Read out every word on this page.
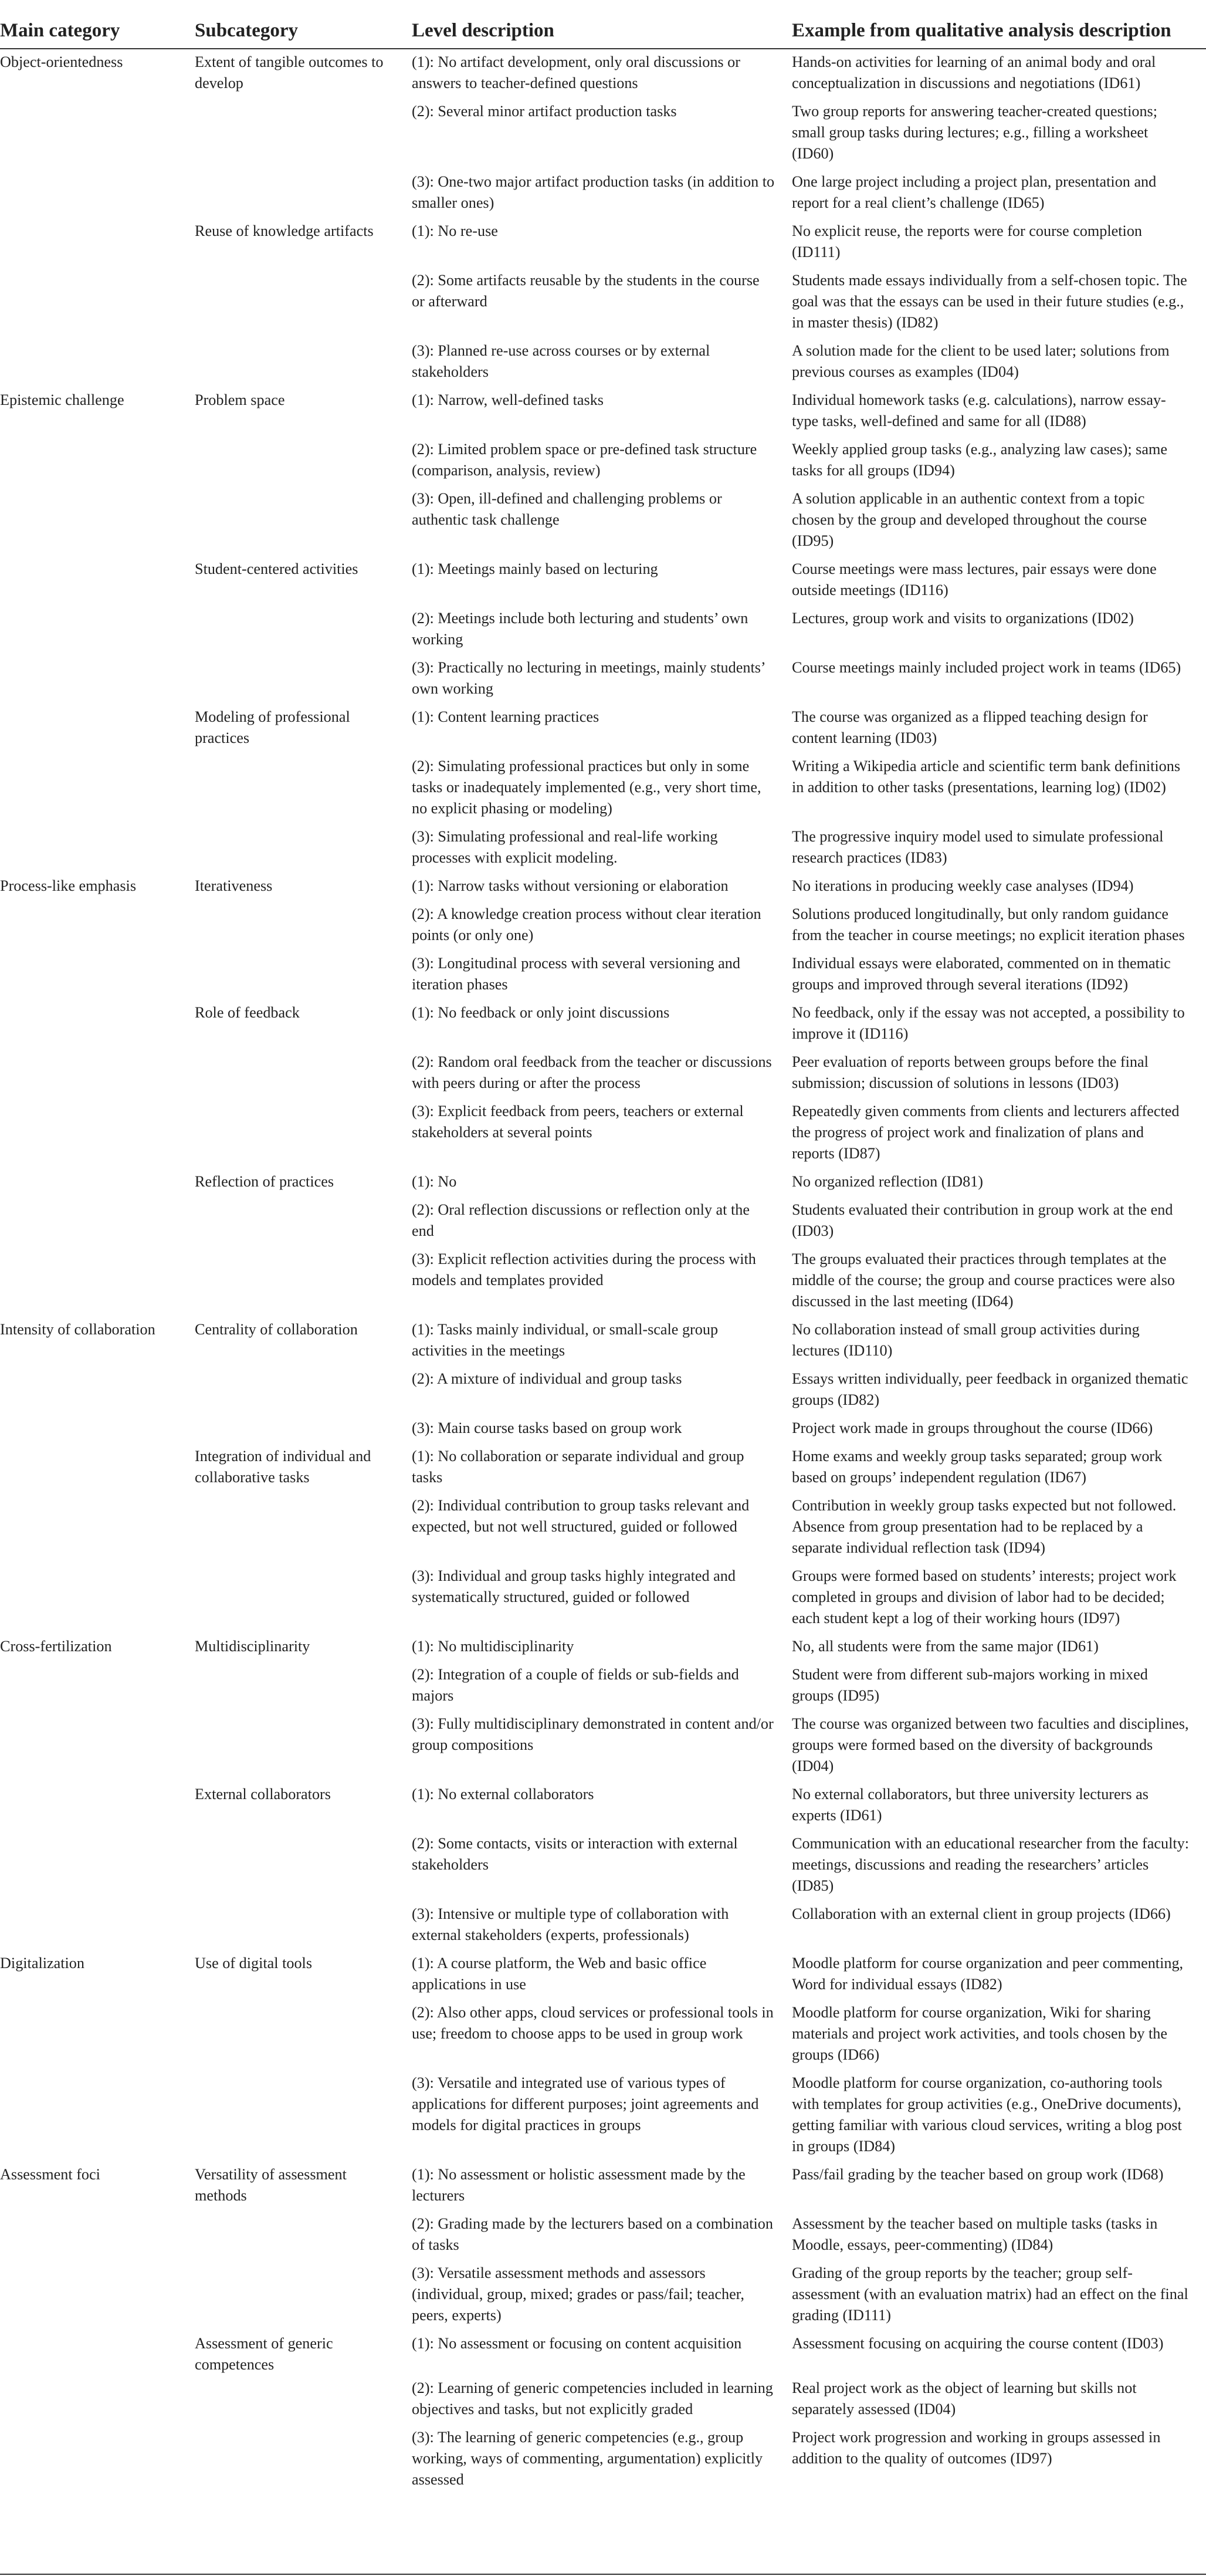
Main category	Subcategory	Level description	Example from qualitative analysis description
Object-orientedness	Extent of tangible outcomes to develop	(1): No artifact development, only oral discussions or answers to teacher-defined questions	Hands-on activities for learning of an animal body and oral conceptualization in discussions and negotiations (ID61)
		(2): Several minor artifact production tasks	Two group reports for answering teacher-created questions; small group tasks during lectures; e.g., filling a worksheet (ID60)
		(3): One-two major artifact production tasks (in addition to smaller ones)	One large project including a project plan, presentation and report for a real client’s challenge (ID65)
	Reuse of knowledge artifacts	(1): No re-use	No explicit reuse, the reports were for course completion (ID111)
		(2): Some artifacts reusable by the students in the course or afterward	Students made essays individually from a self-chosen topic. The goal was that the essays can be used in their future studies (e.g., in master thesis) (ID82)
		(3): Planned re-use across courses or by external stakeholders	A solution made for the client to be used later; solutions from previous courses as examples (ID04)
Epistemic challenge	Problem space	(1): Narrow, well-defined tasks	Individual homework tasks (e.g. calculations), narrow essay-type tasks, well-defined and same for all (ID88)
		(2): Limited problem space or pre-defined task structure (comparison, analysis, review)	Weekly applied group tasks (e.g., analyzing law cases); same tasks for all groups (ID94)
		(3): Open, ill-defined and challenging problems or authentic task challenge	A solution applicable in an authentic context from a topic chosen by the group and developed throughout the course (ID95)
	Student-centered activities	(1): Meetings mainly based on lecturing	Course meetings were mass lectures, pair essays were done outside meetings (ID116)
		(2): Meetings include both lecturing and students’ own working	Lectures, group work and visits to organizations (ID02)
		(3): Practically no lecturing in meetings, mainly students’ own working	Course meetings mainly included project work in teams (ID65)
	Modeling of professional practices	(1): Content learning practices	The course was organized as a flipped teaching design for content learning (ID03)
		(2): Simulating professional practices but only in some tasks or inadequately implemented (e.g., very short time, no explicit phasing or modeling)	Writing a Wikipedia article and scientific term bank definitions in addition to other tasks (presentations, learning log) (ID02)
		(3): Simulating professional and real-life working processes with explicit modeling.	The progressive inquiry model used to simulate professional research practices (ID83)
Process-like emphasis	Iterativeness	(1): Narrow tasks without versioning or elaboration	No iterations in producing weekly case analyses (ID94)
		(2): A knowledge creation process without clear iteration points (or only one)	Solutions produced longitudinally, but only random guidance from the teacher in course meetings; no explicit iteration phases
		(3): Longitudinal process with several versioning and iteration phases	Individual essays were elaborated, commented on in thematic groups and improved through several iterations (ID92)
	Role of feedback	(1): No feedback or only joint discussions	No feedback, only if the essay was not accepted, a possibility to improve it (ID116)
		(2): Random oral feedback from the teacher or discussions with peers during or after the process	Peer evaluation of reports between groups before the final submission; discussion of solutions in lessons (ID03)
		(3): Explicit feedback from peers, teachers or external stakeholders at several points	Repeatedly given comments from clients and lecturers affected the progress of project work and finalization of plans and reports (ID87)
	Reflection of practices	(1): No	No organized reflection (ID81)
		(2): Oral reflection discussions or reflection only at the end	Students evaluated their contribution in group work at the end (ID03)
		(3): Explicit reflection activities during the process with models and templates provided	The groups evaluated their practices through templates at the middle of the course; the group and course practices were also discussed in the last meeting (ID64)
Intensity of collaboration	Centrality of collaboration	(1): Tasks mainly individual, or small-scale group activities in the meetings	No collaboration instead of small group activities during lectures (ID110)
		(2): A mixture of individual and group tasks	Essays written individually, peer feedback in organized thematic groups (ID82)
		(3): Main course tasks based on group work	Project work made in groups throughout the course (ID66)
	Integration of individual and collaborative tasks	(1): No collaboration or separate individual and group tasks	Home exams and weekly group tasks separated; group work based on groups’ independent regulation (ID67)
		(2): Individual contribution to group tasks relevant and expected, but not well structured, guided or followed	Contribution in weekly group tasks expected but not followed. Absence from group presentation had to be replaced by a separate individual reflection task (ID94)
		(3): Individual and group tasks highly integrated and systematically structured, guided or followed	Groups were formed based on students’ interests; project work completed in groups and division of labor had to be decided; each student kept a log of their working hours (ID97)
Cross-fertilization	Multidisciplinarity	(1): No multidisciplinarity	No, all students were from the same major (ID61)
		(2): Integration of a couple of fields or sub-fields and majors	Student were from different sub-majors working in mixed groups (ID95)
		(3): Fully multidisciplinary demonstrated in content and/or group compositions	The course was organized between two faculties and disciplines, groups were formed based on the diversity of backgrounds (ID04)
	External collaborators	(1): No external collaborators	No external collaborators, but three university lecturers as experts (ID61)
		(2): Some contacts, visits or interaction with external stakeholders	Communication with an educational researcher from the faculty: meetings, discussions and reading the researchers’ articles (ID85)
		(3): Intensive or multiple type of collaboration with external stakeholders (experts, professionals)	Collaboration with an external client in group projects (ID66)
Digitalization	Use of digital tools	(1): A course platform, the Web and basic office applications in use	Moodle platform for course organization and peer commenting, Word for individual essays (ID82)
		(2): Also other apps, cloud services or professional tools in use; freedom to choose apps to be used in group work	Moodle platform for course organization, Wiki for sharing materials and project work activities, and tools chosen by the groups (ID66)
		(3): Versatile and integrated use of various types of applications for different purposes; joint agreements and models for digital practices in groups	Moodle platform for course organization, co-authoring tools with templates for group activities (e.g., OneDrive documents), getting familiar with various cloud services, writing a blog post in groups (ID84)
Assessment foci	Versatility of assessment methods	(1): No assessment or holistic assessment made by the lecturers	Pass/fail grading by the teacher based on group work (ID68)
		(2): Grading made by the lecturers based on a combination of tasks	Assessment by the teacher based on multiple tasks (tasks in Moodle, essays, peer-commenting) (ID84)
		(3): Versatile assessment methods and assessors (individual, group, mixed; grades or pass/fail; teacher, peers, experts)	Grading of the group reports by the teacher; group self-assessment (with an evaluation matrix) had an effect on the final grading (ID111)
	Assessment of generic competences	(1): No assessment or focusing on content acquisition	Assessment focusing on acquiring the course content (ID03)
		(2): Learning of generic competencies included in learning objectives and tasks, but not explicitly graded	Real project work as the object of learning but skills not separately assessed (ID04)
		(3): The learning of generic competencies (e.g., group working, ways of commenting, argumentation) explicitly assessed	Project work progression and working in groups assessed in addition to the quality of outcomes (ID97)
